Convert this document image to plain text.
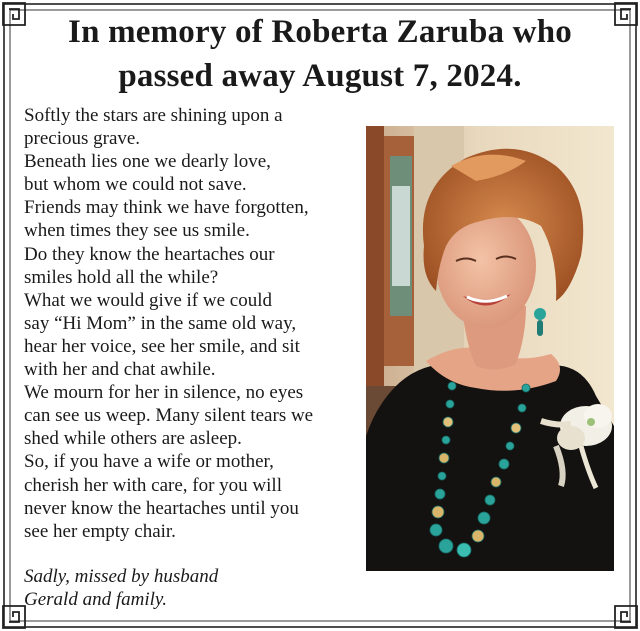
In memory of Roberta Zaruba who
passed away August 7, 2024.
Softly the stars are shining upon a
precious grave.
Beneath lies one we dearly love,
but whom we could not save.
Friends may think we have forgotten,
when times they see us smile.
Do they know the heartaches our
smiles hold all the while?
What we would give if we could
say “Hi Mom” in the same old way,
hear her voice, see her smile, and sit
with her and chat awhile.
We mourn for her in silence, no eyes
can see us weep. Many silent tears we
shed while others are asleep.
So, if you have a wife or mother,
cherish her with care, for you will
never know the heartaches until you
see her empty chair.
Sadly, missed by husband
Gerald and family.
